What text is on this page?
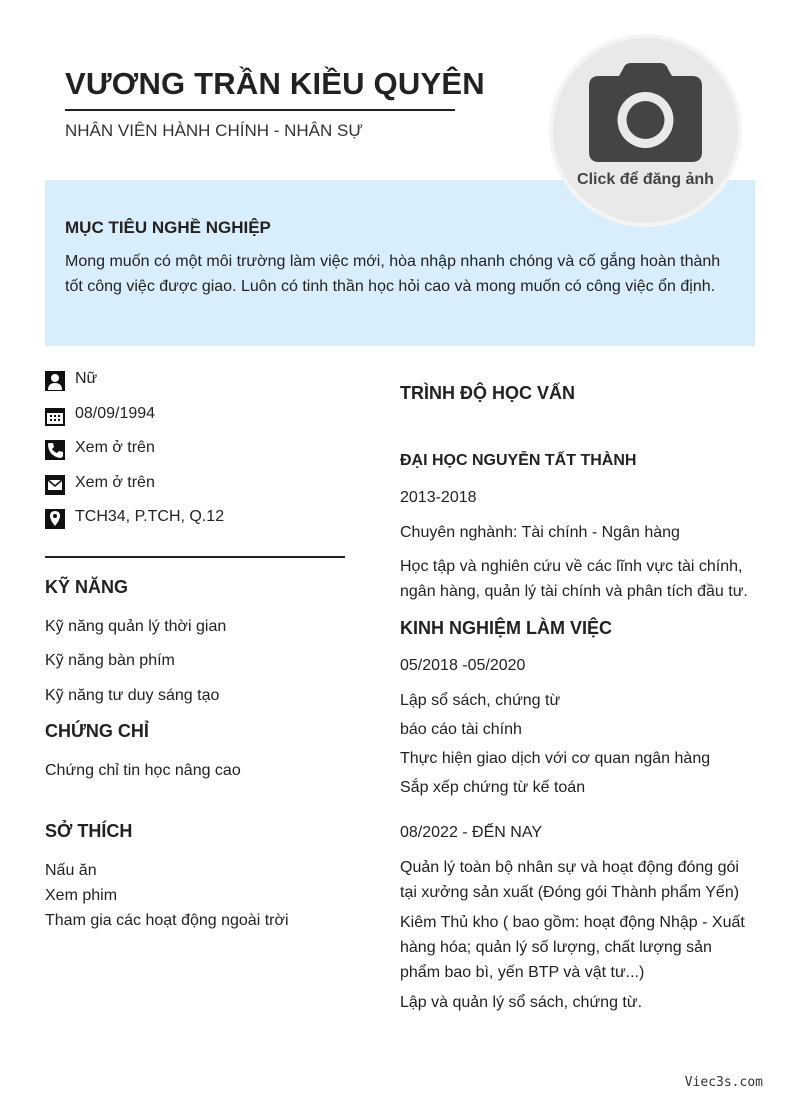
VƯƠNG TRẦN KIỀU QUYÊN
NHÂN VIÊN HÀNH CHÍNH - NHÂN SỰ
Click để đăng ảnh
MỤC TIÊU NGHỀ NGHIỆP

Mong muốn có một môi trường làm việc mới, hòa nhập nhanh chóng và cố gắng hoàn thành tốt công việc được giao. Luôn có tinh thần học hỏi cao và mong muốn có công việc ổn định.

Nữ
08/09/1994
Xem ở trên
Xem ở trên
TCH34, P.TCH, Q.12
KỸ NĂNG
Kỹ năng quản lý thời gian
Kỹ năng bàn phím
Kỹ năng tư duy sáng tạo
CHỨNG CHỈ
Chứng chỉ tin học nâng cao
SỞ THÍCH
Nấu ăn
Xem phim
Tham gia các hoạt động ngoài trời
TRÌNH ĐỘ HỌC VẤN
ĐẠI HỌC NGUYỄN TẤT THÀNH
2013-2018
Chuyên nghành: Tài chính - Ngân hàng
Học tập và nghiên cứu về các lĩnh vực tài chính, ngân hàng, quản lý tài chính và phân tích đầu tư.
KINH NGHIỆM LÀM VIỆC
05/2018 -05/2020
Lập sổ sách, chứng từ
báo cáo tài chính
Thực hiện giao dịch với cơ quan ngân hàng
Sắp xếp chứng từ kế toán
08/2022 - ĐẾN NAY
Quản lý toàn bộ nhân sự và hoạt động đóng gói tại xưởng sản xuất (Đóng gói Thành phẩm Yến)
Kiêm Thủ kho ( bao gồm: hoạt động Nhập - Xuất hàng hóa; quản lý số lượng, chất lượng sản phẩm bao bì, yến BTP và vật tư...)
Lập và quản lý sổ sách, chứng từ.
Viec3s.com
